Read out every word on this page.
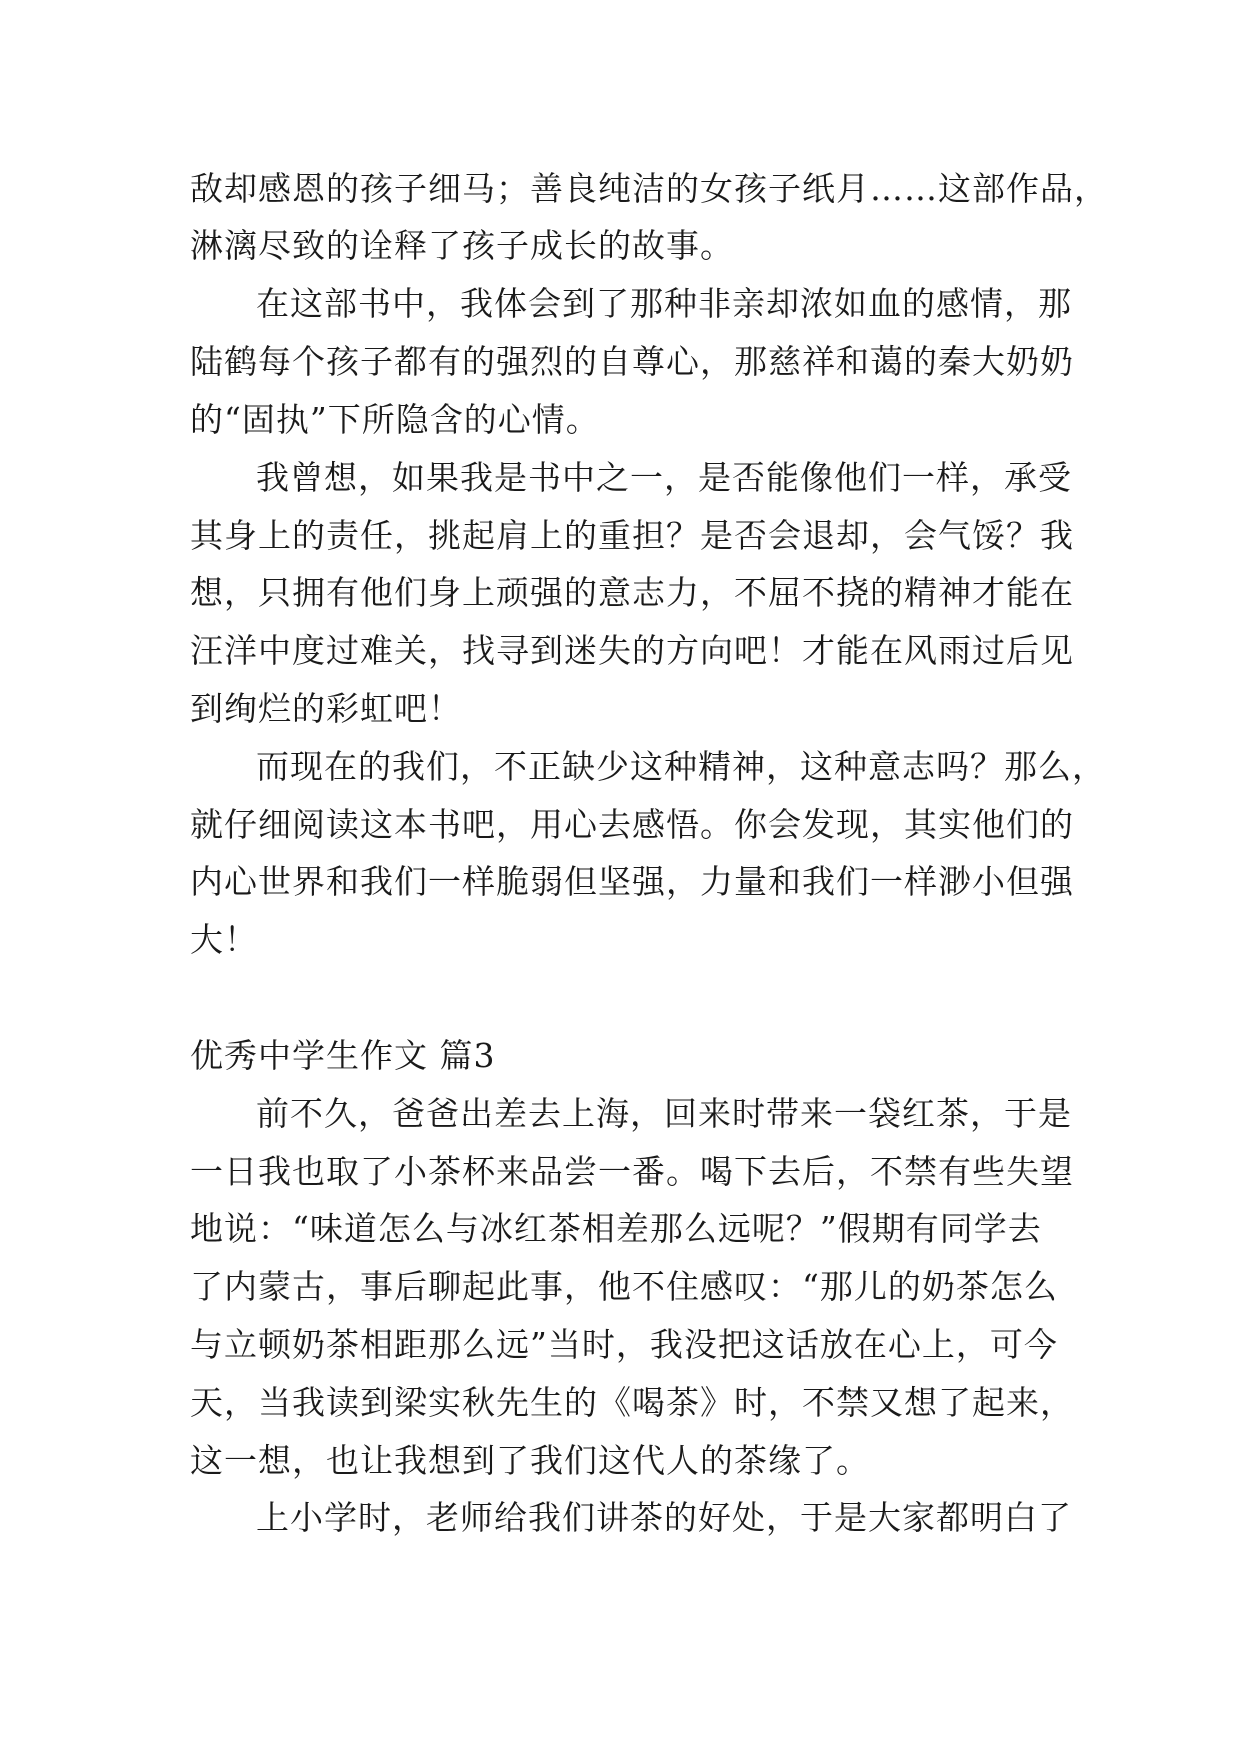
敌却感恩的孩子细马；善良纯洁的女孩子纸月……这部作品，
淋漓尽致的诠释了孩子成长的故事。
在这部书中，我体会到了那种非亲却浓如血的感情，那
陆鹤每个孩子都有的强烈的自尊心，那慈祥和蔼的秦大奶奶
的“固执”下所隐含的心情。
我曾想，如果我是书中之一，是否能像他们一样，承受
其身上的责任，挑起肩上的重担？是否会退却，会气馁？我
想，只拥有他们身上顽强的意志力，不屈不挠的精神才能在
汪洋中度过难关，找寻到迷失的方向吧！才能在风雨过后见
到绚烂的彩虹吧！
而现在的我们，不正缺少这种精神，这种意志吗？那么，
就仔细阅读这本书吧，用心去感悟。你会发现，其实他们的
内心世界和我们一样脆弱但坚强，力量和我们一样渺小但强
大！
优秀中学生作文 篇3
前不久，爸爸出差去上海，回来时带来一袋红茶，于是
一日我也取了小茶杯来品尝一番。喝下去后，不禁有些失望
地说：“味道怎么与冰红茶相差那么远呢？”假期有同学去
了内蒙古，事后聊起此事，他不住感叹：“那儿的奶茶怎么
与立顿奶茶相距那么远”当时，我没把这话放在心上，可今
天，当我读到梁实秋先生的《喝茶》时，不禁又想了起来，
这一想，也让我想到了我们这代人的茶缘了。
上小学时，老师给我们讲茶的好处，于是大家都明白了
